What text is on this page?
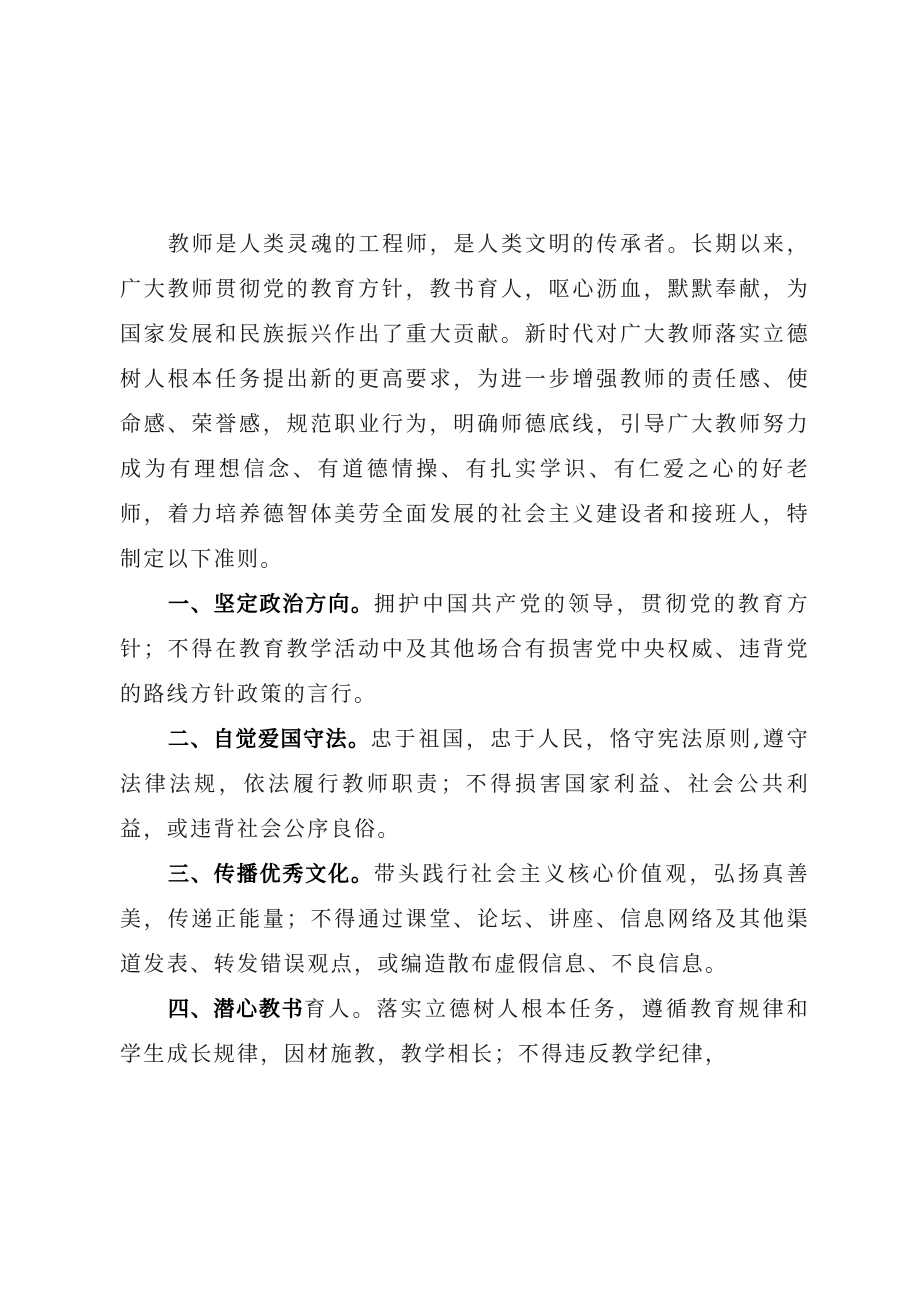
教师是人类灵魂的工程师，是人类文明的传承者。长期以来，广大教师贯彻党的教育方针，教书育人，呕心沥血，默默奉献，为国家发展和民族振兴作出了重大贡献。新时代对广大教师落实立德树人根本任务提出新的更高要求，为进一步增强教师的责任感、使命感、荣誉感，规范职业行为，明确师德底线，引导广大教师努力成为有理想信念、有道德情操、有扎实学识、有仁爱之心的好老师，着力培养德智体美劳全面发展的社会主义建设者和接班人，特制定以下准则。

一、坚定政治方向。拥护中国共产党的领导，贯彻党的教育方针；不得在教育教学活动中及其他场合有损害党中央权威、违背党的路线方针政策的言行。

二、自觉爱国守法。忠于祖国，忠于人民，恪守宪法原则,遵守法律法规，依法履行教师职责；不得损害国家利益、社会公共利益，或违背社会公序良俗。

三、传播优秀文化。带头践行社会主义核心价值观，弘扬真善美，传递正能量；不得通过课堂、论坛、讲座、信息网络及其他渠道发表、转发错误观点，或编造散布虚假信息、不良信息。

四、潜心教书育人。落实立德树人根本任务，遵循教育规律和学生成长规律，因材施教，教学相长；不得违反教学纪律，
